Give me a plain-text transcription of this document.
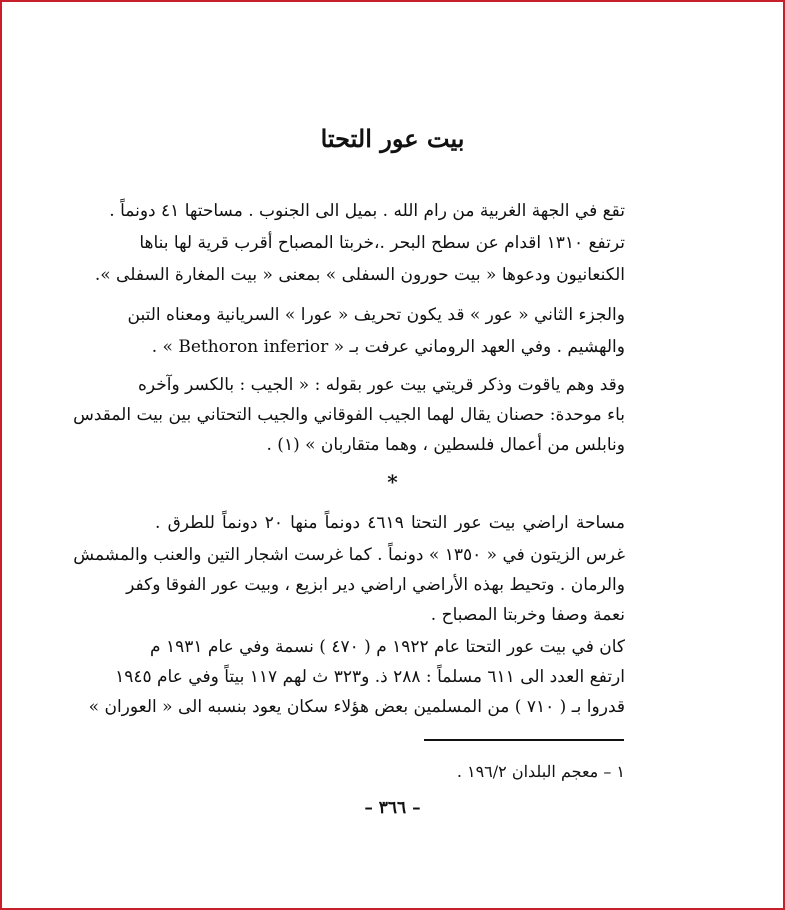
بيت عور التحتا
تقع في الجهة الغربية من رام الله . بميل الى الجنوب . مساحتها ٤١ دونماً .
ترتفع ١٣١٠ اقدام عن سطح البحر .،خربتا المصباح أقرب قرية لها بناها
الكنعانيون ودعوها « بيت حورون السفلى » بمعنى « بيت المغارة السفلى ».
والجزء الثاني « عور » قد يكون تحريف « عورا » السريانية ومعناه التبن
والهشيم . وفي العهد الروماني عرفت بـ « Bethoron inferior » .
وقد وهم ياقوت وذكر قريتي بيت عور بقوله : « الجيب : بالكسر وآخره
باء موحدة: حصنان يقال لهما الجيب الفوقاني والجيب التحتاني بين بيت المقدس
ونابلس من أعمال فلسطين ، وهما متقاربان » (١) .
*
مساحة اراضي بيت عور التحتا ٤٦١٩ دونماً منها ٢٠ دونماً للطرق .
غرس الزيتون في « ١٣٥٠ » دونماً . كما غرست اشجار التين والعنب والمشمش
والرمان . وتحيط بهذه الأراضي اراضي دير ابزيع ، وبيت عور الفوقا وكفر
نعمة وصفا وخربتا المصباح .
كان في بيت عور التحتا عام ١٩٢٢ م ( ٤٧٠ ) نسمة وفي عام ١٩٣١ م
ارتفع العدد الى ٦١١ مسلماً : ٢٨٨ ذ. و٣٢٣ ث لهم ١١٧ بيتاً وفي عام ١٩٤٥
قدروا بـ ( ٧١٠ ) من المسلمين بعض هؤلاء سكان يعود بنسبه الى « العوران »
١ – معجم البلدان ١٩٦/٢ .
– ٣٦٦ –
